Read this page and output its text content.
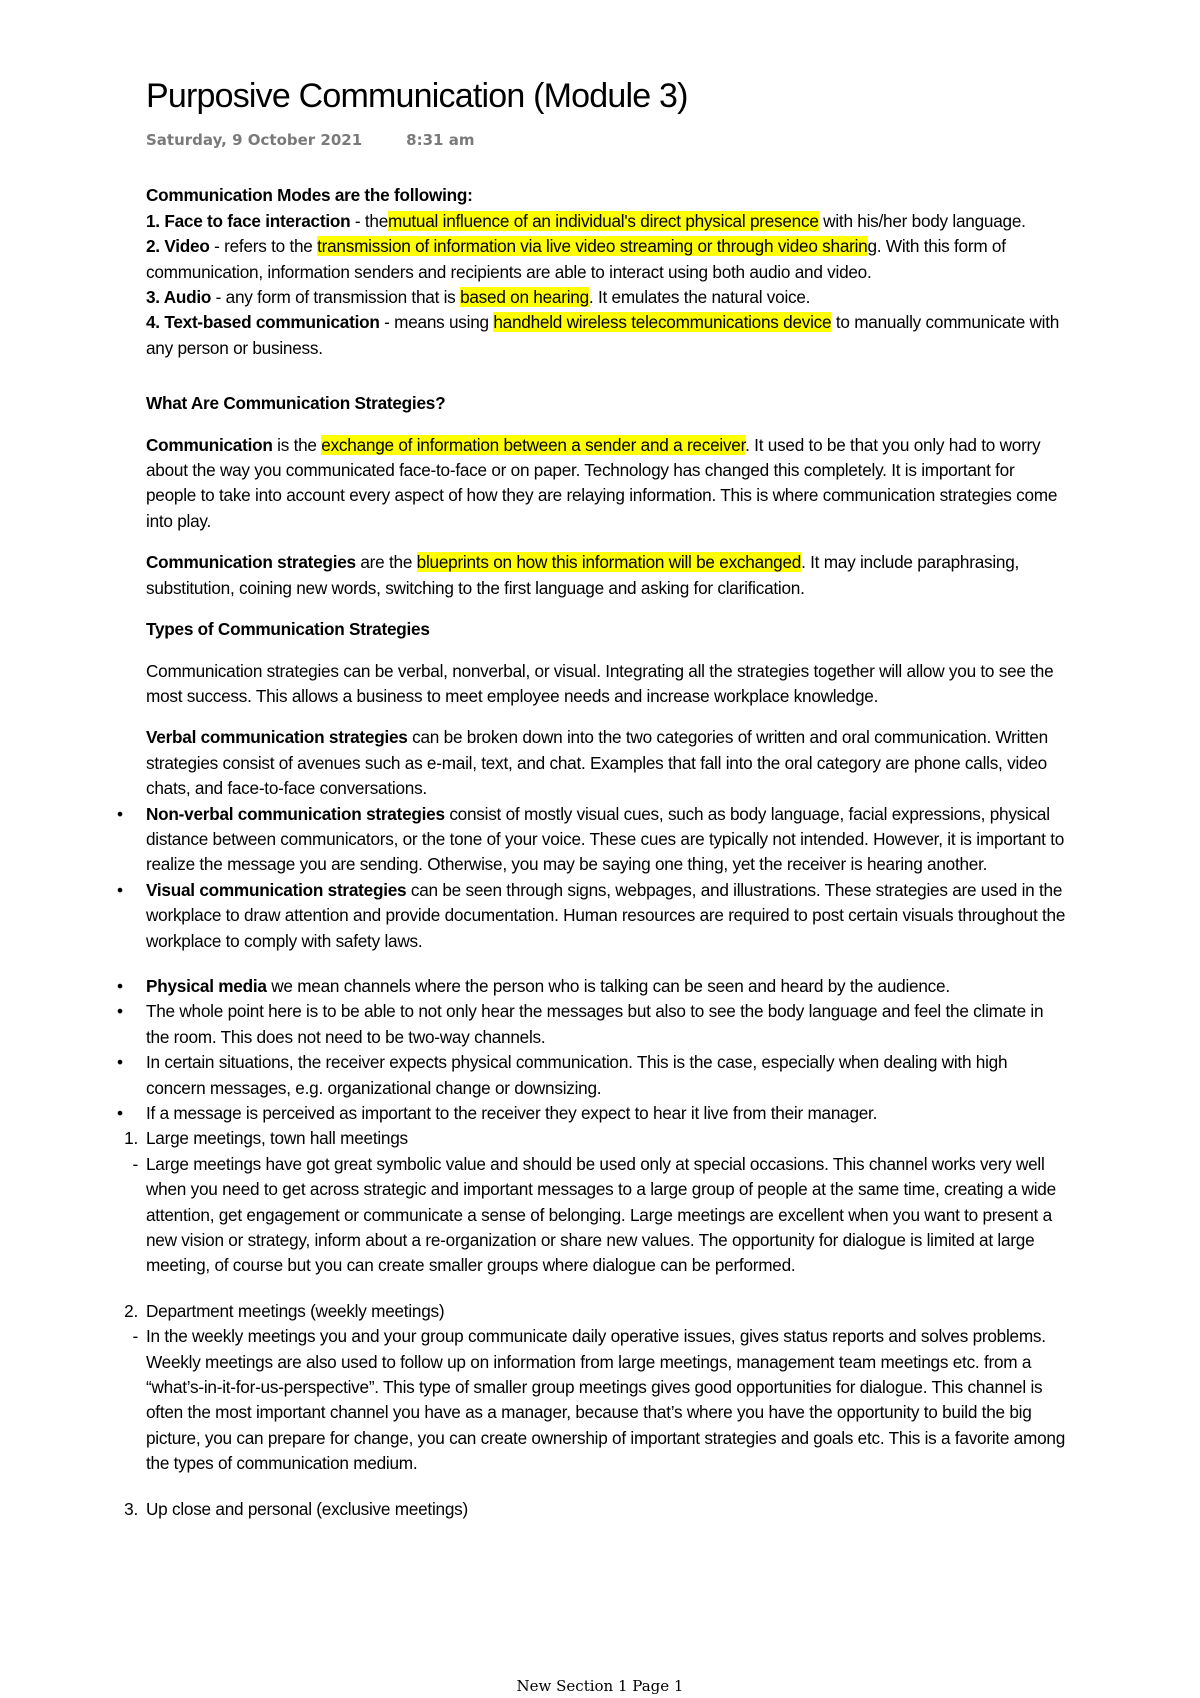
Purposive Communication (Module 3)
Saturday, 9 October 2021	8:31 am

Communication Modes are the following:

1. Face to face interaction - themutual influence of an individual's direct physical presence with his/her body language.

2. Video - refers to the transmission of information via live video streaming or through video sharing. With this form of communication, information senders and recipients are able to interact using both audio and video.

3. Audio - any form of transmission that is based on hearing. It emulates the natural voice.

4. Text-based communication - means using handheld wireless telecommunications device to manually communicate with any person or business.

What Are Communication Strategies?

Communication is the exchange of information between a sender and a receiver. It used to be that you only had to worry about the way you communicated face-to-face or on paper. Technology has changed this completely. It is important for people to take into account every aspect of how they are relaying information. This is where communication strategies come into play.

Communication strategies are the blueprints on how this information will be exchanged. It may include paraphrasing, substitution, coining new words, switching to the first language and asking for clarification.

Types of Communication Strategies

Communication strategies can be verbal, nonverbal, or visual. Integrating all the strategies together will allow you to see the most success. This allows a business to meet employee needs and increase workplace knowledge.

Verbal communication strategies can be broken down into the two categories of written and oral communication. Written strategies consist of avenues such as e-mail, text, and chat. Examples that fall into the oral category are phone calls, video chats, and face-to-face conversations.

• Non-verbal communication strategies consist of mostly visual cues, such as body language, facial expressions, physical distance between communicators, or the tone of your voice. These cues are typically not intended. However, it is important to realize the message you are sending. Otherwise, you may be saying one thing, yet the receiver is hearing another.
• Visual communication strategies can be seen through signs, webpages, and illustrations. These strategies are used in the workplace to draw attention and provide documentation. Human resources are required to post certain visuals throughout the workplace to comply with safety laws.
• Physical media we mean channels where the person who is talking can be seen and heard by the audience.
• The whole point here is to be able to not only hear the messages but also to see the body language and feel the climate in the room. This does not need to be two-way channels.
• In certain situations, the receiver expects physical communication. This is the case, especially when dealing with high concern messages, e.g. organizational change or downsizing.
• If a message is perceived as important to the receiver they expect to hear it live from their manager.
1. Large meetings, town hall meetings
- Large meetings have got great symbolic value and should be used only at special occasions. This channel works very well when you need to get across strategic and important messages to a large group of people at the same time, creating a wide attention, get engagement or communicate a sense of belonging. Large meetings are excellent when you want to present a new vision or strategy, inform about a re-organization or share new values. The opportunity for dialogue is limited at large meeting, of course but you can create smaller groups where dialogue can be performed.
2. Department meetings (weekly meetings)
- In the weekly meetings you and your group communicate daily operative issues, gives status reports and solves problems. Weekly meetings are also used to follow up on information from large meetings, management team meetings etc. from a “what’s-in-it-for-us-perspective”. This type of smaller group meetings gives good opportunities for dialogue. This channel is often the most important channel you have as a manager, because that’s where you have the opportunity to build the big picture, you can prepare for change, you can create ownership of important strategies and goals etc. This is a favorite among the types of communication medium.
3. Up close and personal (exclusive meetings)
New Section 1 Page 1
